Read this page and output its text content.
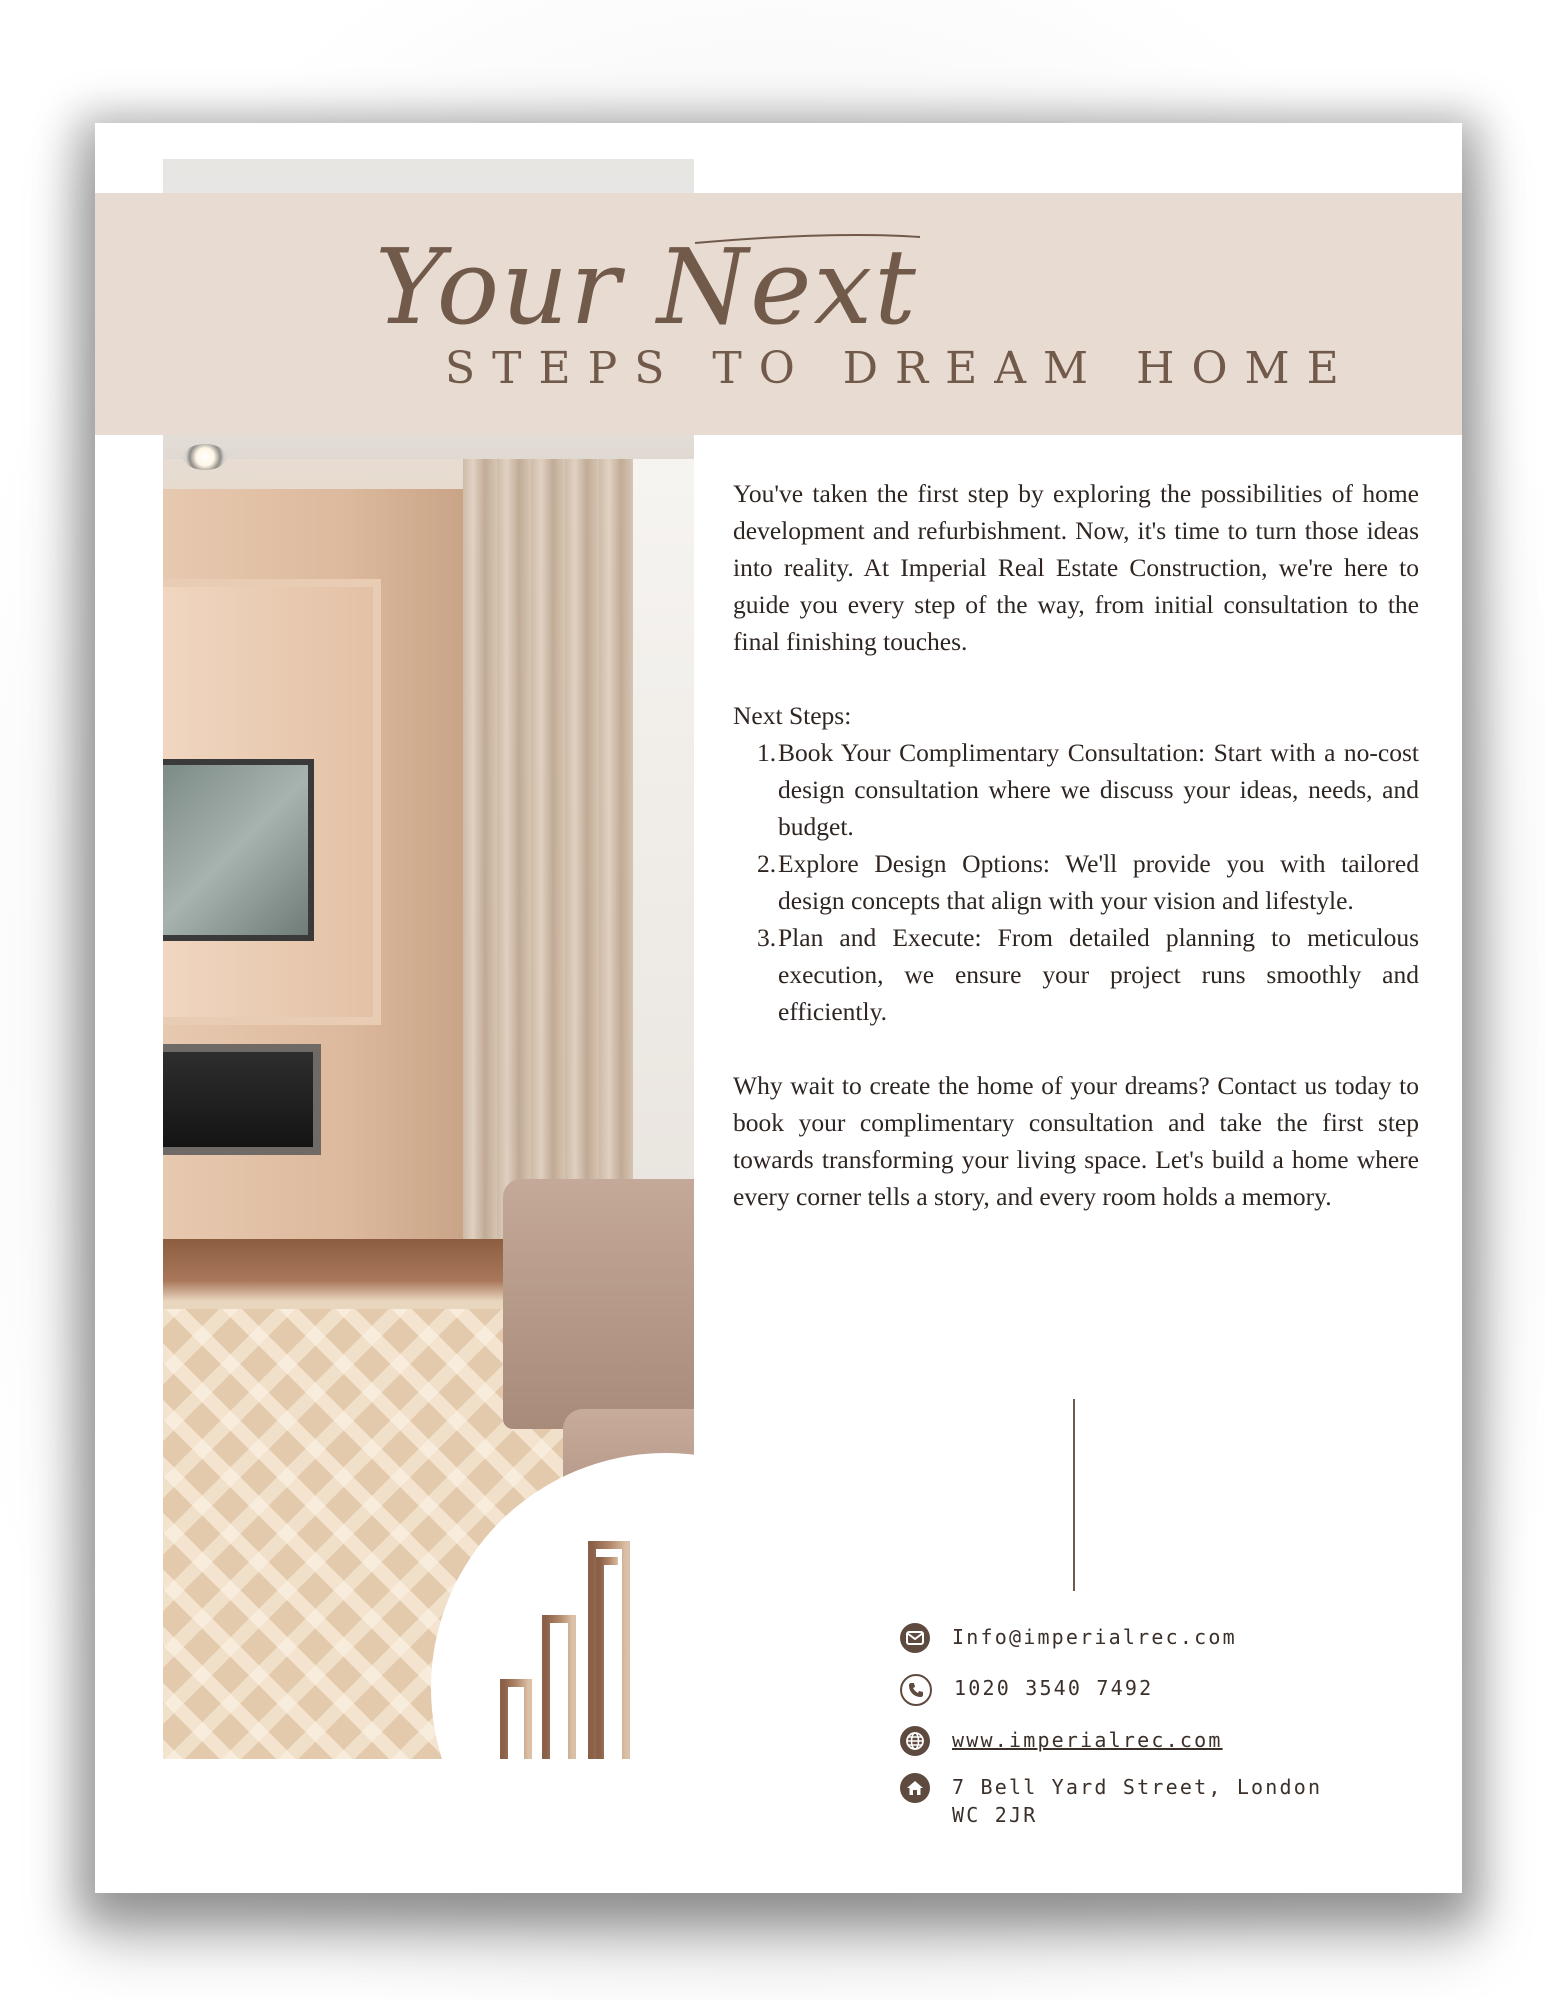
Your Next
STEPS TO DREAM HOME

You've taken the first step by exploring the possibilities of home development and refurbishment. Now, it's time to turn those ideas into reality. At Imperial Real Estate Construction, we're here to guide you every step of the way, from initial consultation to the final finishing touches.

Next Steps:
1. Book Your Complimentary Consultation: Start with a no-cost design consultation where we discuss your ideas, needs, and budget.
2. Explore Design Options: We'll provide you with tailored design concepts that align with your vision and lifestyle.
3. Plan and Execute: From detailed planning to meticulous execution, we ensure your project runs smoothly and efficiently.

Why wait to create the home of your dreams? Contact us today to book your complimentary consultation and take the first step towards transforming your living space. Let's build a home where every corner tells a story, and every room holds a memory.

Info@imperialrec.com
1020 3540 7492
www.imperialrec.com
7 Bell Yard Street, London
WC 2JR
